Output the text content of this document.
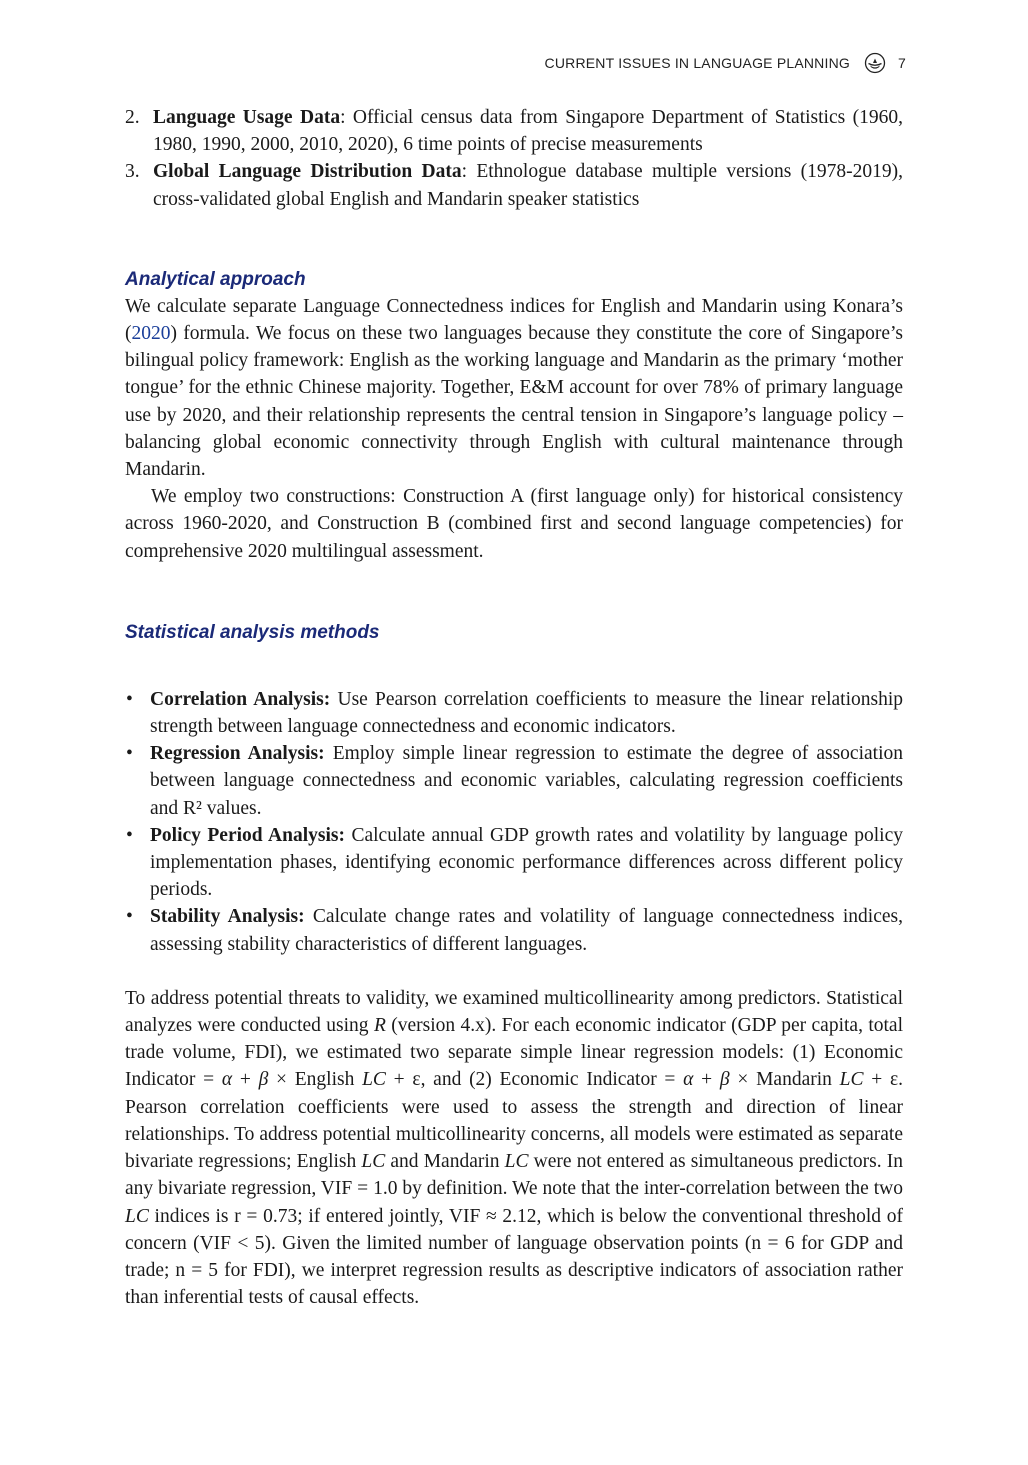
CURRENT ISSUES IN LANGUAGE PLANNING	7
2. Language Usage Data: Official census data from Singapore Department of Statistics (1960, 1980, 1990, 2000, 2010, 2020), 6 time points of precise measurements
3. Global Language Distribution Data: Ethnologue database multiple versions (1978-2019), cross-validated global English and Mandarin speaker statistics
Analytical approach

We calculate separate Language Connectedness indices for English and Mandarin using Konara’s (2020) formula. We focus on these two languages because they constitute the core of Singapore’s bilingual policy framework: English as the working language and Mandarin as the primary ‘mother tongue’ for the ethnic Chinese majority. Together, E&M account for over 78% of primary language use by 2020, and their relationship represents the central tension in Singapore’s language policy – balancing global economic connectivity through English with cultural maintenance through Mandarin.

We employ two constructions: Construction A (first language only) for historical consistency across 1960-2020, and Construction B (combined first and second language competencies) for comprehensive 2020 multilingual assessment.

Statistical analysis methods
• Correlation Analysis: Use Pearson correlation coefficients to measure the linear relationship strength between language connectedness and economic indicators.
• Regression Analysis: Employ simple linear regression to estimate the degree of association between language connectedness and economic variables, calculating regression coefficients and R² values.
• Policy Period Analysis: Calculate annual GDP growth rates and volatility by language policy implementation phases, identifying economic performance differences across different policy periods.
• Stability Analysis: Calculate change rates and volatility of language connectedness indices, assessing stability characteristics of different languages.

To address potential threats to validity, we examined multicollinearity among predictors. Statistical analyzes were conducted using R (version 4.x). For each economic indicator (GDP per capita, total trade volume, FDI), we estimated two separate simple linear regression models: (1) Economic Indicator = α + β × English LC + ε, and (2) Economic Indicator = α + β × Mandarin LC + ε. Pearson correlation coefficients were used to assess the strength and direction of linear relationships. To address potential multicollinearity concerns, all models were estimated as separate bivariate regressions; English LC and Mandarin LC were not entered as simultaneous predictors. In any bivariate regression, VIF = 1.0 by definition. We note that the inter-correlation between the two LC indices is r = 0.73; if entered jointly, VIF ≈ 2.12, which is below the conventional threshold of concern (VIF < 5). Given the limited number of language observation points (n = 6 for GDP and trade; n = 5 for FDI), we interpret regression results as descriptive indicators of association rather than inferential tests of causal effects.
